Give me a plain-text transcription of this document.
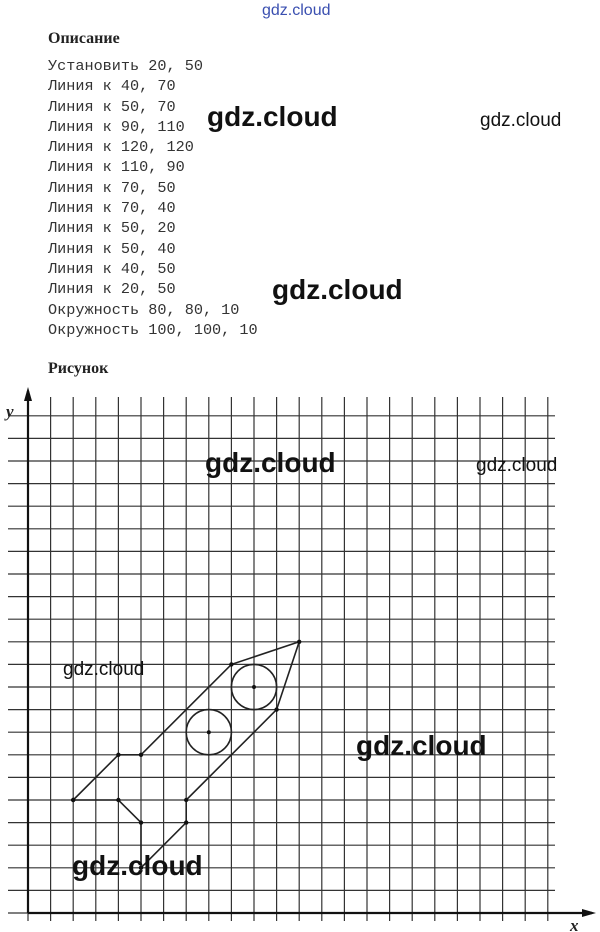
gdz.cloud
gdz.cloud	gdz.cloud
gdz.cloud
Описание
Установить 20, 50
Линия к 40, 70
Линия к 50, 70
Линия к 90, 110
Линия к 120, 120
Линия к 110, 90
Линия к 70, 50
Линия к 70, 40
Линия к 50, 20
Линия к 50, 40
Линия к 40, 50
Линия к 20, 50
Окружность 80, 80, 10
Окружность 100, 100, 10
Рисунок
y
x
gdz.cloud	gdz.cloud
gdz.cloud
gdz.cloud
gdz.cloud
